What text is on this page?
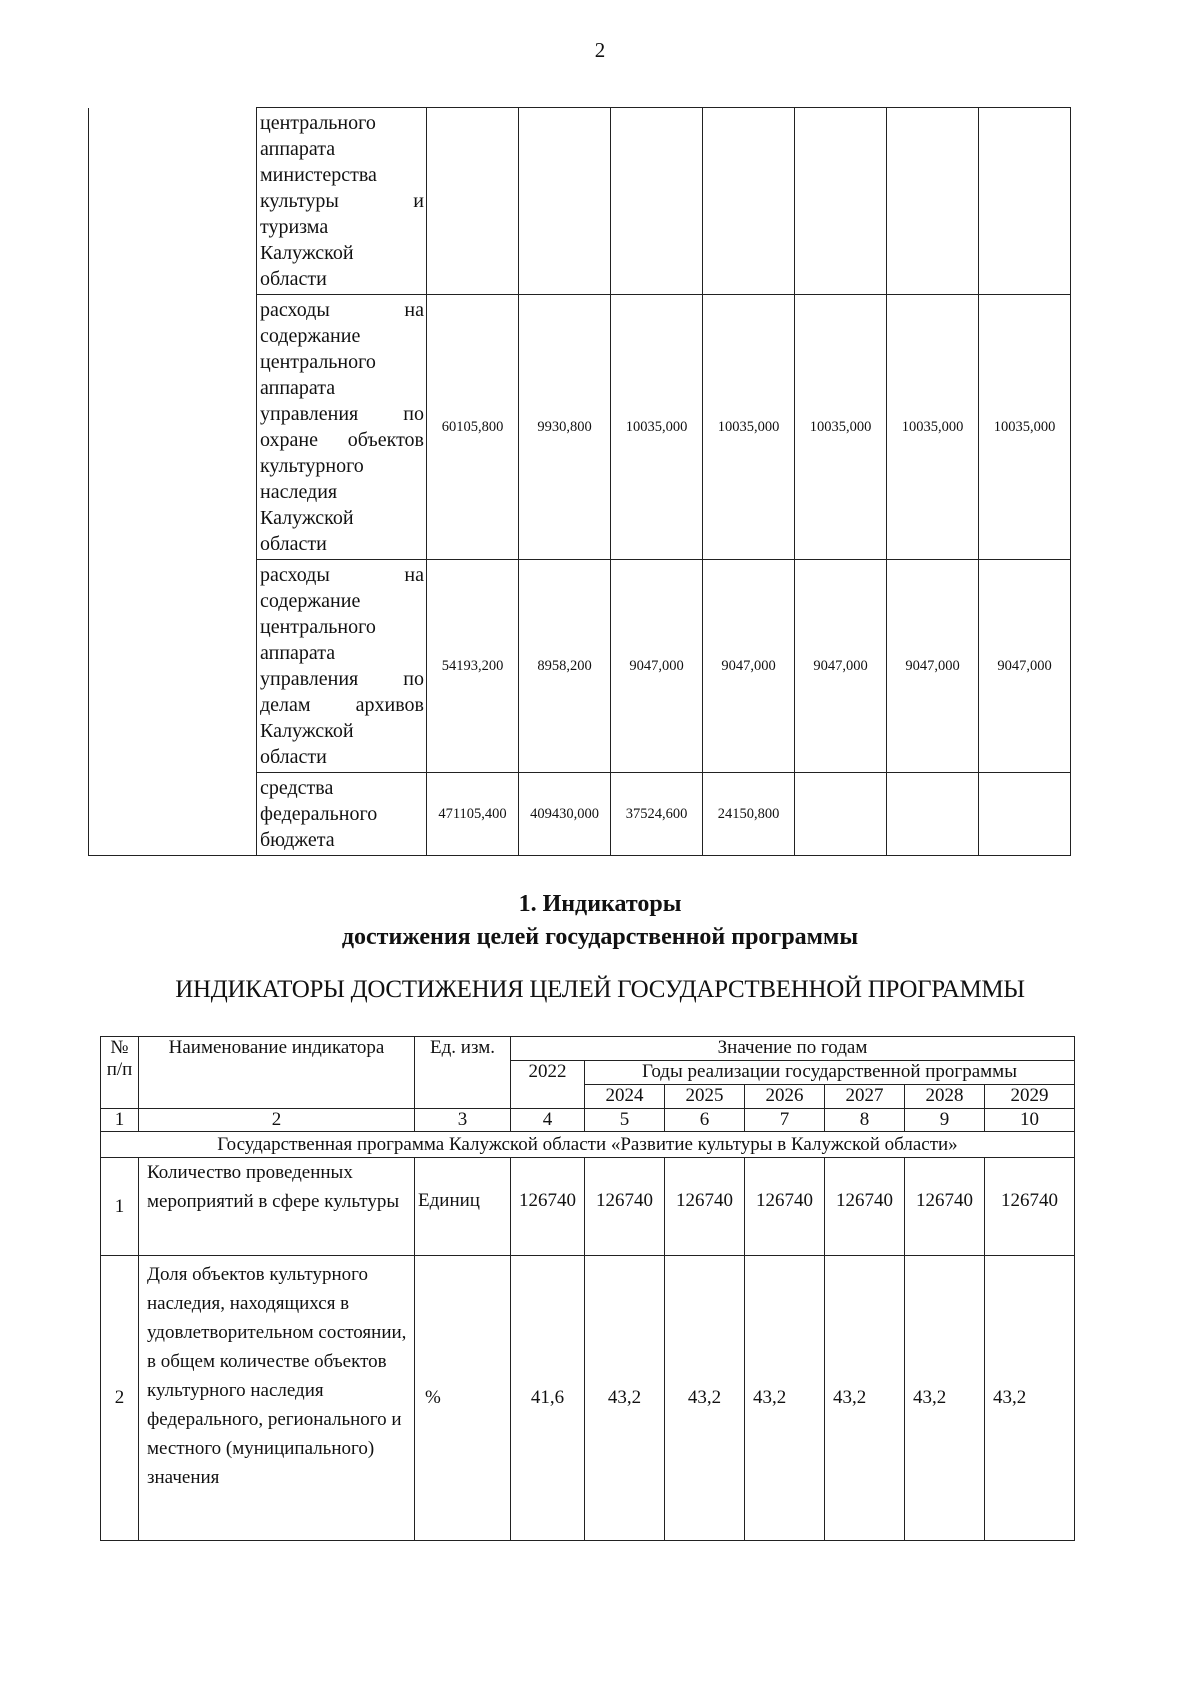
2
	центрального аппарата министерства культуры и туризма Калужской области							
	расходы на содержание центрального аппарата управления по охране объектов культурного наследия Калужской области	60105,800	9930,800	10035,000	10035,000	10035,000	10035,000	10035,000
	расходы на содержание центрального аппарата управления по делам архивов Калужской области	54193,200	8958,200	9047,000	9047,000	9047,000	9047,000	9047,000
	средства федерального бюджета	471105,400	409430,000	37524,600	24150,800			
1. Индикаторы
достижения целей государственной программы
ИНДИКАТОРЫ ДОСТИЖЕНИЯ ЦЕЛЕЙ ГОСУДАРСТВЕННОЙ ПРОГРАММЫ
№
п/п	Наименование индикатора	Ед. изм.	Значение по годам						
			2022	Годы реализации государственной программы					
				2024	2025	2026	2027	2028	2029
1	2	3	4	5	6	7	8	9	10
Государственная программа Калужской области «Развитие культуры в Калужской области»									
1	Количество проведенных мероприятий в сфере культуры	Единиц	126740	126740	126740	126740	126740	126740	126740
2	Доля объектов культурного наследия, находящихся в удовлетворительном состоянии, в общем количестве объектов культурного наследия федерального, регионального и местного (муниципального) значения	%	41,6	43,2	43,2	43,2	43,2	43,2	43,2
